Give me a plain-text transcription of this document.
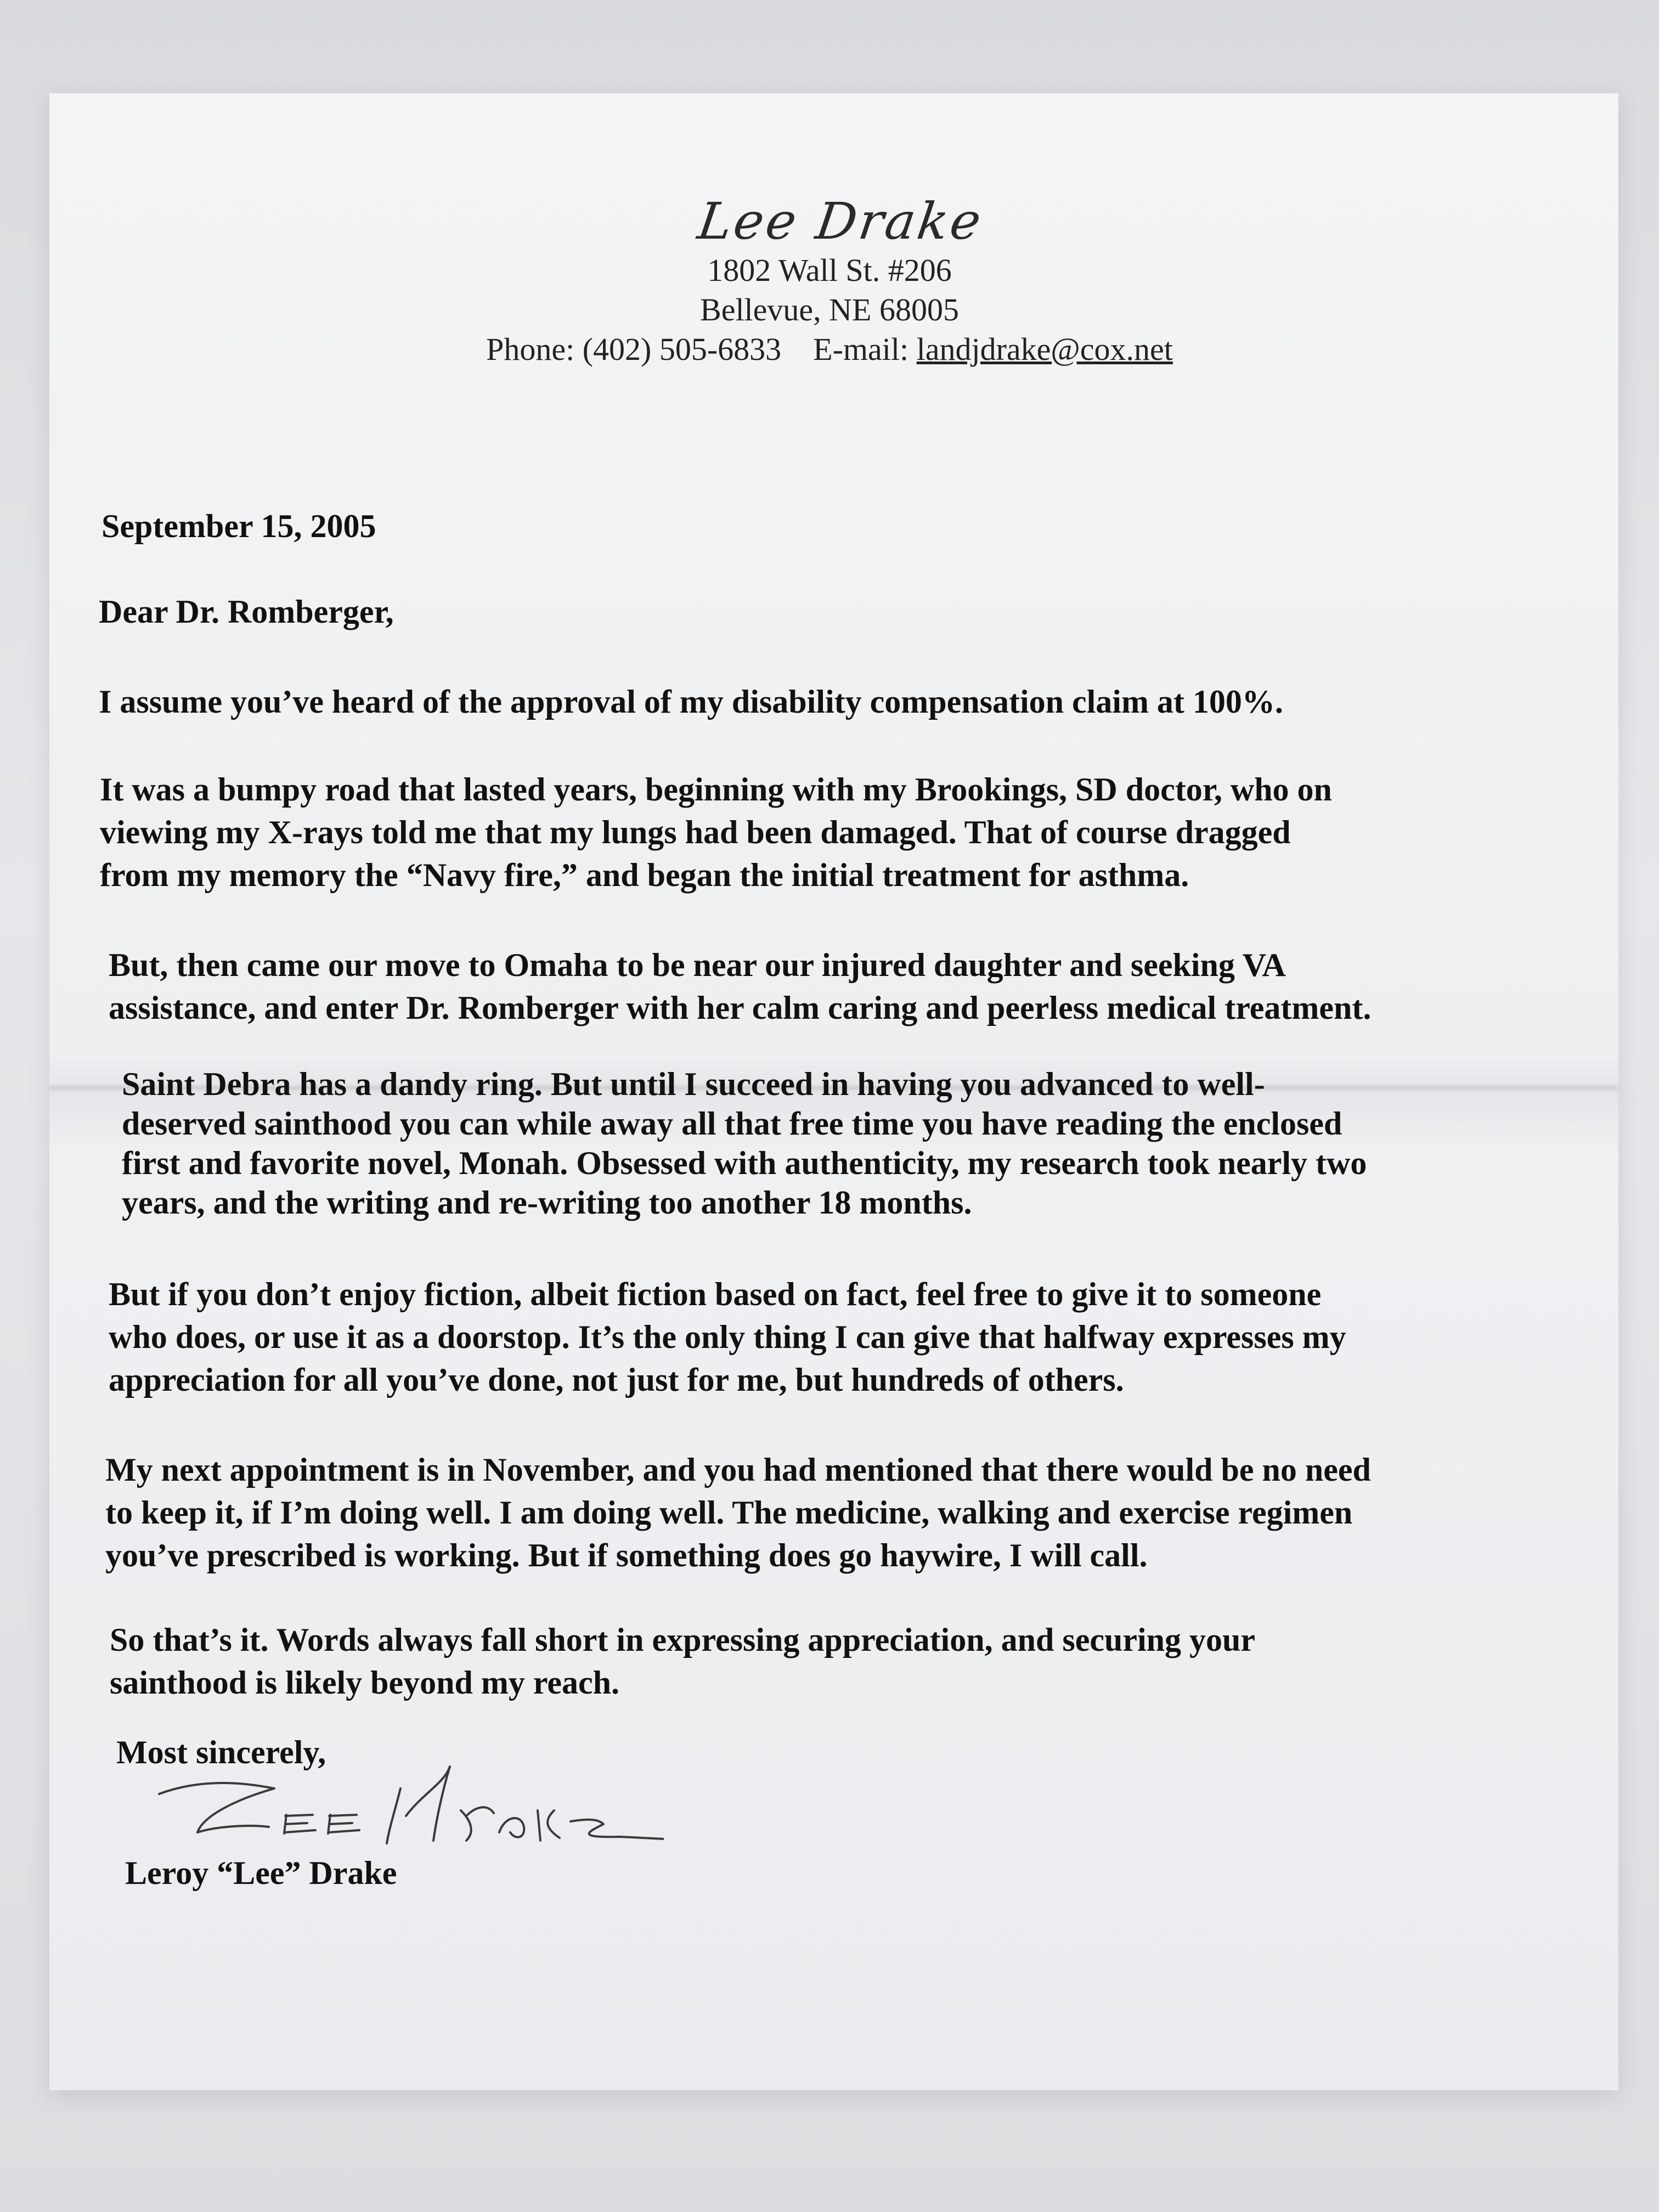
Lee Drake
1802 Wall St. #206
Bellevue, NE 68005
Phone: (402) 505-6833 E-mail: landjdrake@cox.net
September 15, 2005
Dear Dr. Romberger,
I assume you’ve heard of the approval of my disability compensation claim at 100%.
It was a bumpy road that lasted years, beginning with my Brookings, SD doctor, who on
viewing my X-rays told me that my lungs had been damaged. That of course dragged
from my memory the “Navy fire,” and began the initial treatment for asthma.
But, then came our move to Omaha to be near our injured daughter and seeking VA
assistance, and enter Dr. Romberger with her calm caring and peerless medical treatment.
Saint Debra has a dandy ring. But until I succeed in having you advanced to well-
deserved sainthood you can while away all that free time you have reading the enclosed
first and favorite novel, Monah. Obsessed with authenticity, my research took nearly two
years, and the writing and re-writing too another 18 months.
But if you don’t enjoy fiction, albeit fiction based on fact, feel free to give it to someone
who does, or use it as a doorstop. It’s the only thing I can give that halfway expresses my
appreciation for all you’ve done, not just for me, but hundreds of others.
My next appointment is in November, and you had mentioned that there would be no need
to keep it, if I’m doing well. I am doing well. The medicine, walking and exercise regimen
you’ve prescribed is working. But if something does go haywire, I will call.
So that’s it. Words always fall short in expressing appreciation, and securing your
sainthood is likely beyond my reach.
Most sincerely,
Leroy “Lee” Drake
